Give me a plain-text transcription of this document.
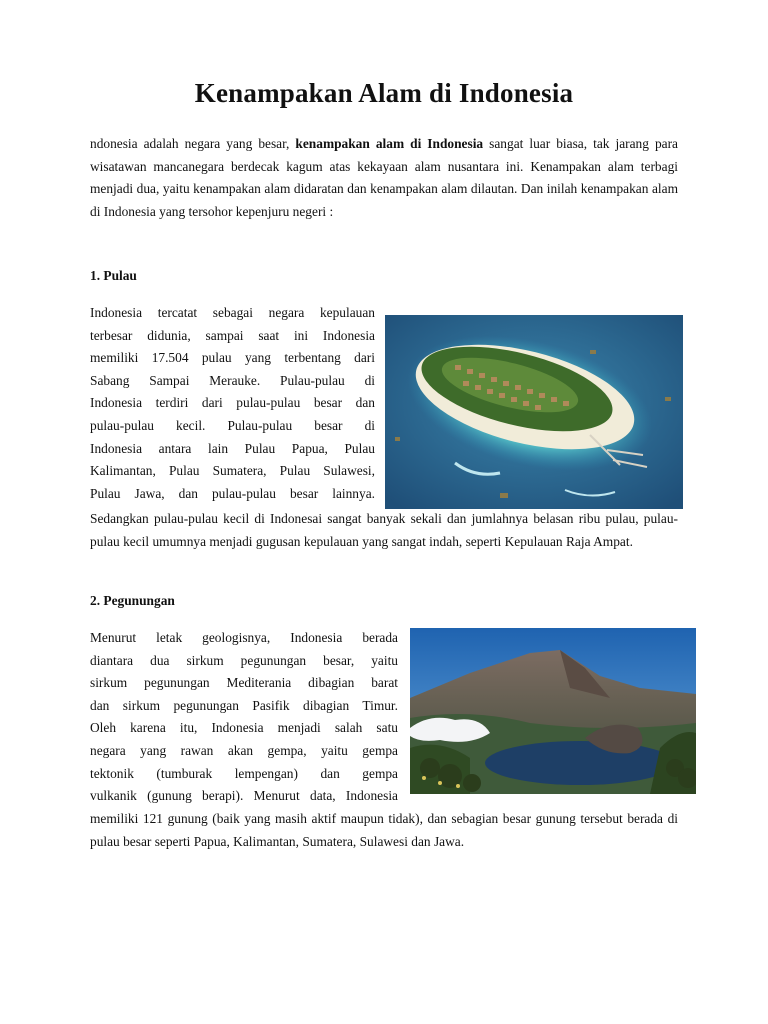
Kenampakan Alam di Indonesia

ndonesia adalah negara yang besar, kenampakan alam di Indonesia sangat luar biasa, tak jarang para wisatawan mancanegara berdecak kagum atas kekayaan alam nusantara ini. Kenampakan alam terbagi menjadi dua, yaitu kenampakan alam didaratan dan kenampakan alam dilautan. Dan inilah kenampakan alam di Indonesia yang tersohor kepenjuru negeri :

1. Pulau
Indonesia tercatat sebagai negara kepulauan
terbesar didunia, sampai saat ini Indonesia
memiliki 17.504 pulau yang terbentang dari
Sabang Sampai Merauke. Pulau-pulau di
Indonesia terdiri dari pulau-pulau besar dan
pulau-pulau kecil. Pulau-pulau besar di
Indonesia antara lain Pulau Papua, Pulau
Kalimantan, Pulau Sumatera, Pulau Sulawesi,
Pulau Jawa, dan pulau-pulau besar lainnya.

Sedangkan pulau-pulau kecil di Indonesai sangat banyak sekali dan jumlahnya belasan ribu pulau, pulau-pulau kecil umumnya menjadi gugusan kepulauan yang sangat indah, seperti Kepulauan Raja Ampat.

2. Pegunungan
Menurut letak geologisnya, Indonesia berada
diantara dua sirkum pegunungan besar, yaitu
sirkum pegunungan Mediterania dibagian barat
dan sirkum pegunungan Pasifik dibagian Timur.
Oleh karena itu, Indonesia menjadi salah satu
negara yang rawan akan gempa, yaitu gempa
tektonik (tumburak lempengan) dan gempa
vulkanik (gunung berapi). Menurut data, Indonesia

memiliki 121 gunung (baik yang masih aktif maupun tidak), dan sebagian besar gunung tersebut berada di pulau besar seperti Papua, Kalimantan, Sumatera, Sulawesi dan Jawa.
